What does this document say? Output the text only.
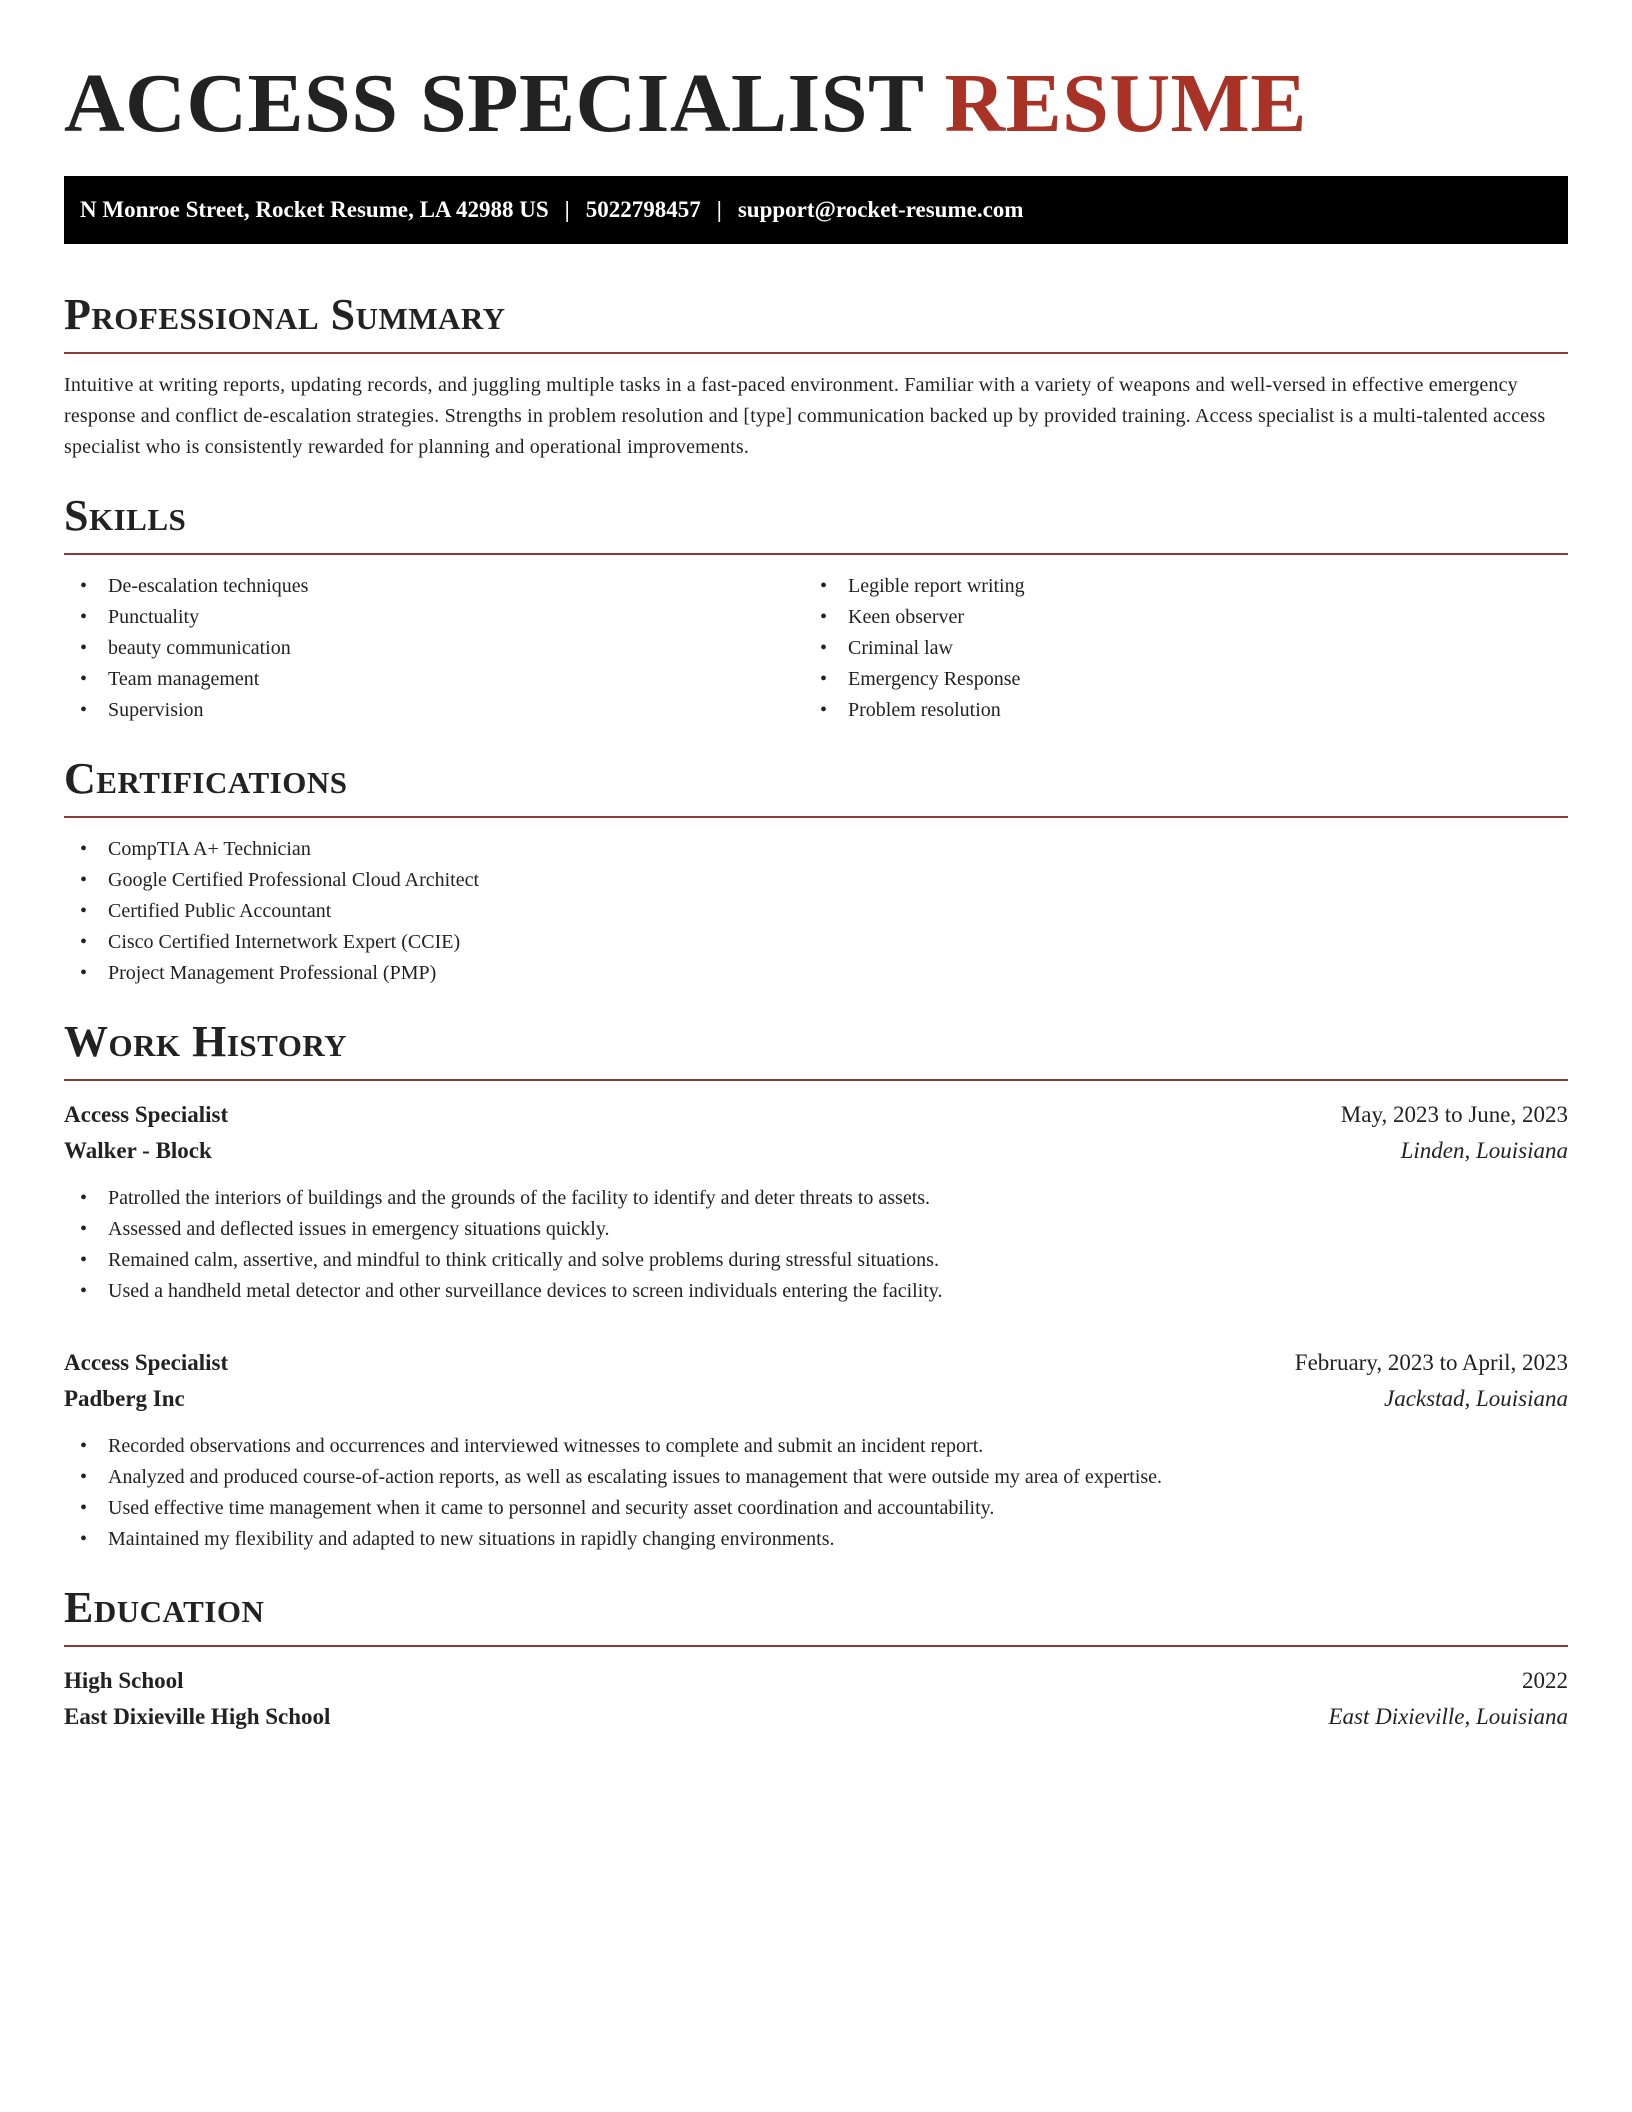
ACCESS SPECIALIST RESUME
N Monroe Street, Rocket Resume, LA 42988 US | 5022798457 | support@rocket-resume.com
Professional Summary

Intuitive at writing reports, updating records, and juggling multiple tasks in a fast-paced environment. Familiar with a variety of weapons and well-versed in effective emergency response and conflict de-escalation strategies. Strengths in problem resolution and [type] communication backed up by provided training. Access specialist is a multi-talented access specialist who is consistently rewarded for planning and operational improvements.

Skills
• De-escalation techniques
• Punctuality
• beauty communication
• Team management
• Supervision
• Legible report writing
• Keen observer
• Criminal law
• Emergency Response
• Problem resolution
Certifications
• CompTIA A+ Technician
• Google Certified Professional Cloud Architect
• Certified Public Accountant
• Cisco Certified Internetwork Expert (CCIE)
• Project Management Professional (PMP)
Work History
Access Specialist	May, 2023 to June, 2023
Walker - Block	Linden, Louisiana
• Patrolled the interiors of buildings and the grounds of the facility to identify and deter threats to assets.
• Assessed and deflected issues in emergency situations quickly.
• Remained calm, assertive, and mindful to think critically and solve problems during stressful situations.
• Used a handheld metal detector and other surveillance devices to screen individuals entering the facility.
Access Specialist	February, 2023 to April, 2023
Padberg Inc	Jackstad, Louisiana
• Recorded observations and occurrences and interviewed witnesses to complete and submit an incident report.
• Analyzed and produced course-of-action reports, as well as escalating issues to management that were outside my area of expertise.
• Used effective time management when it came to personnel and security asset coordination and accountability.
• Maintained my flexibility and adapted to new situations in rapidly changing environments.
Education
High School	2022
East Dixieville High School	East Dixieville, Louisiana
